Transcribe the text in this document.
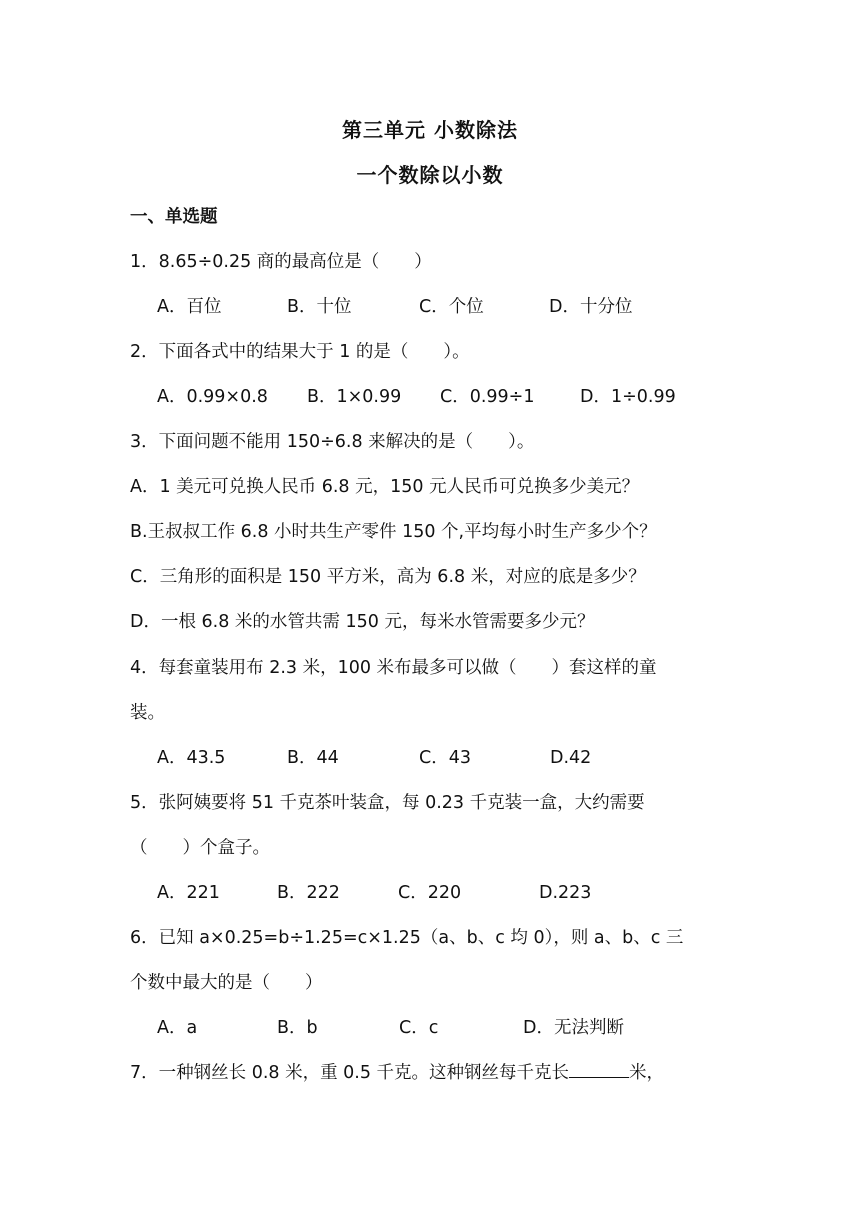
第三单元 小数除法
一个数除以小数
一、单选题
1．8.65÷0.25 商的最高位是（　　）
A．百位	B．十位	C．个位	D．十分位
2．下面各式中的结果大于 1 的是（　　）。
A．0.99×0.8 B．1×0.99 C．0.99÷1	D．1÷0.99
3．下面问题不能用 150÷6.8 来解决的是（　　）。
A．1 美元可兑换人民币 6.8 元，150 元人民币可兑换多少美元？
B.王叔叔工作 6.8 小时共生产零件 150 个,平均每小时生产多少个？
C．三角形的面积是 150 平方米，高为 6.8 米，对应的底是多少？
D．一根 6.8 米的水管共需 150 元，每米水管需要多少元？
4．每套童装用布 2.3 米，100 米布最多可以做（　　）套这样的童
装。
A．43.5	B．44	C．43	D.42
5．张阿姨要将 51 千克茶叶装盒，每 0.23 千克装一盒，大约需要
（　　）个盒子。
A．221	B．222	C．220	D.223
6．已知 a×0.25=b÷1.25=c×1.25（a、b、c 均 0），则 a、b、c 三
个数中最大的是（　　）
A．a	B．b	C．c	D．无法判断
7．一种钢丝长 0.8 米，重 0.5 千克。这种钢丝每千克长	米，
